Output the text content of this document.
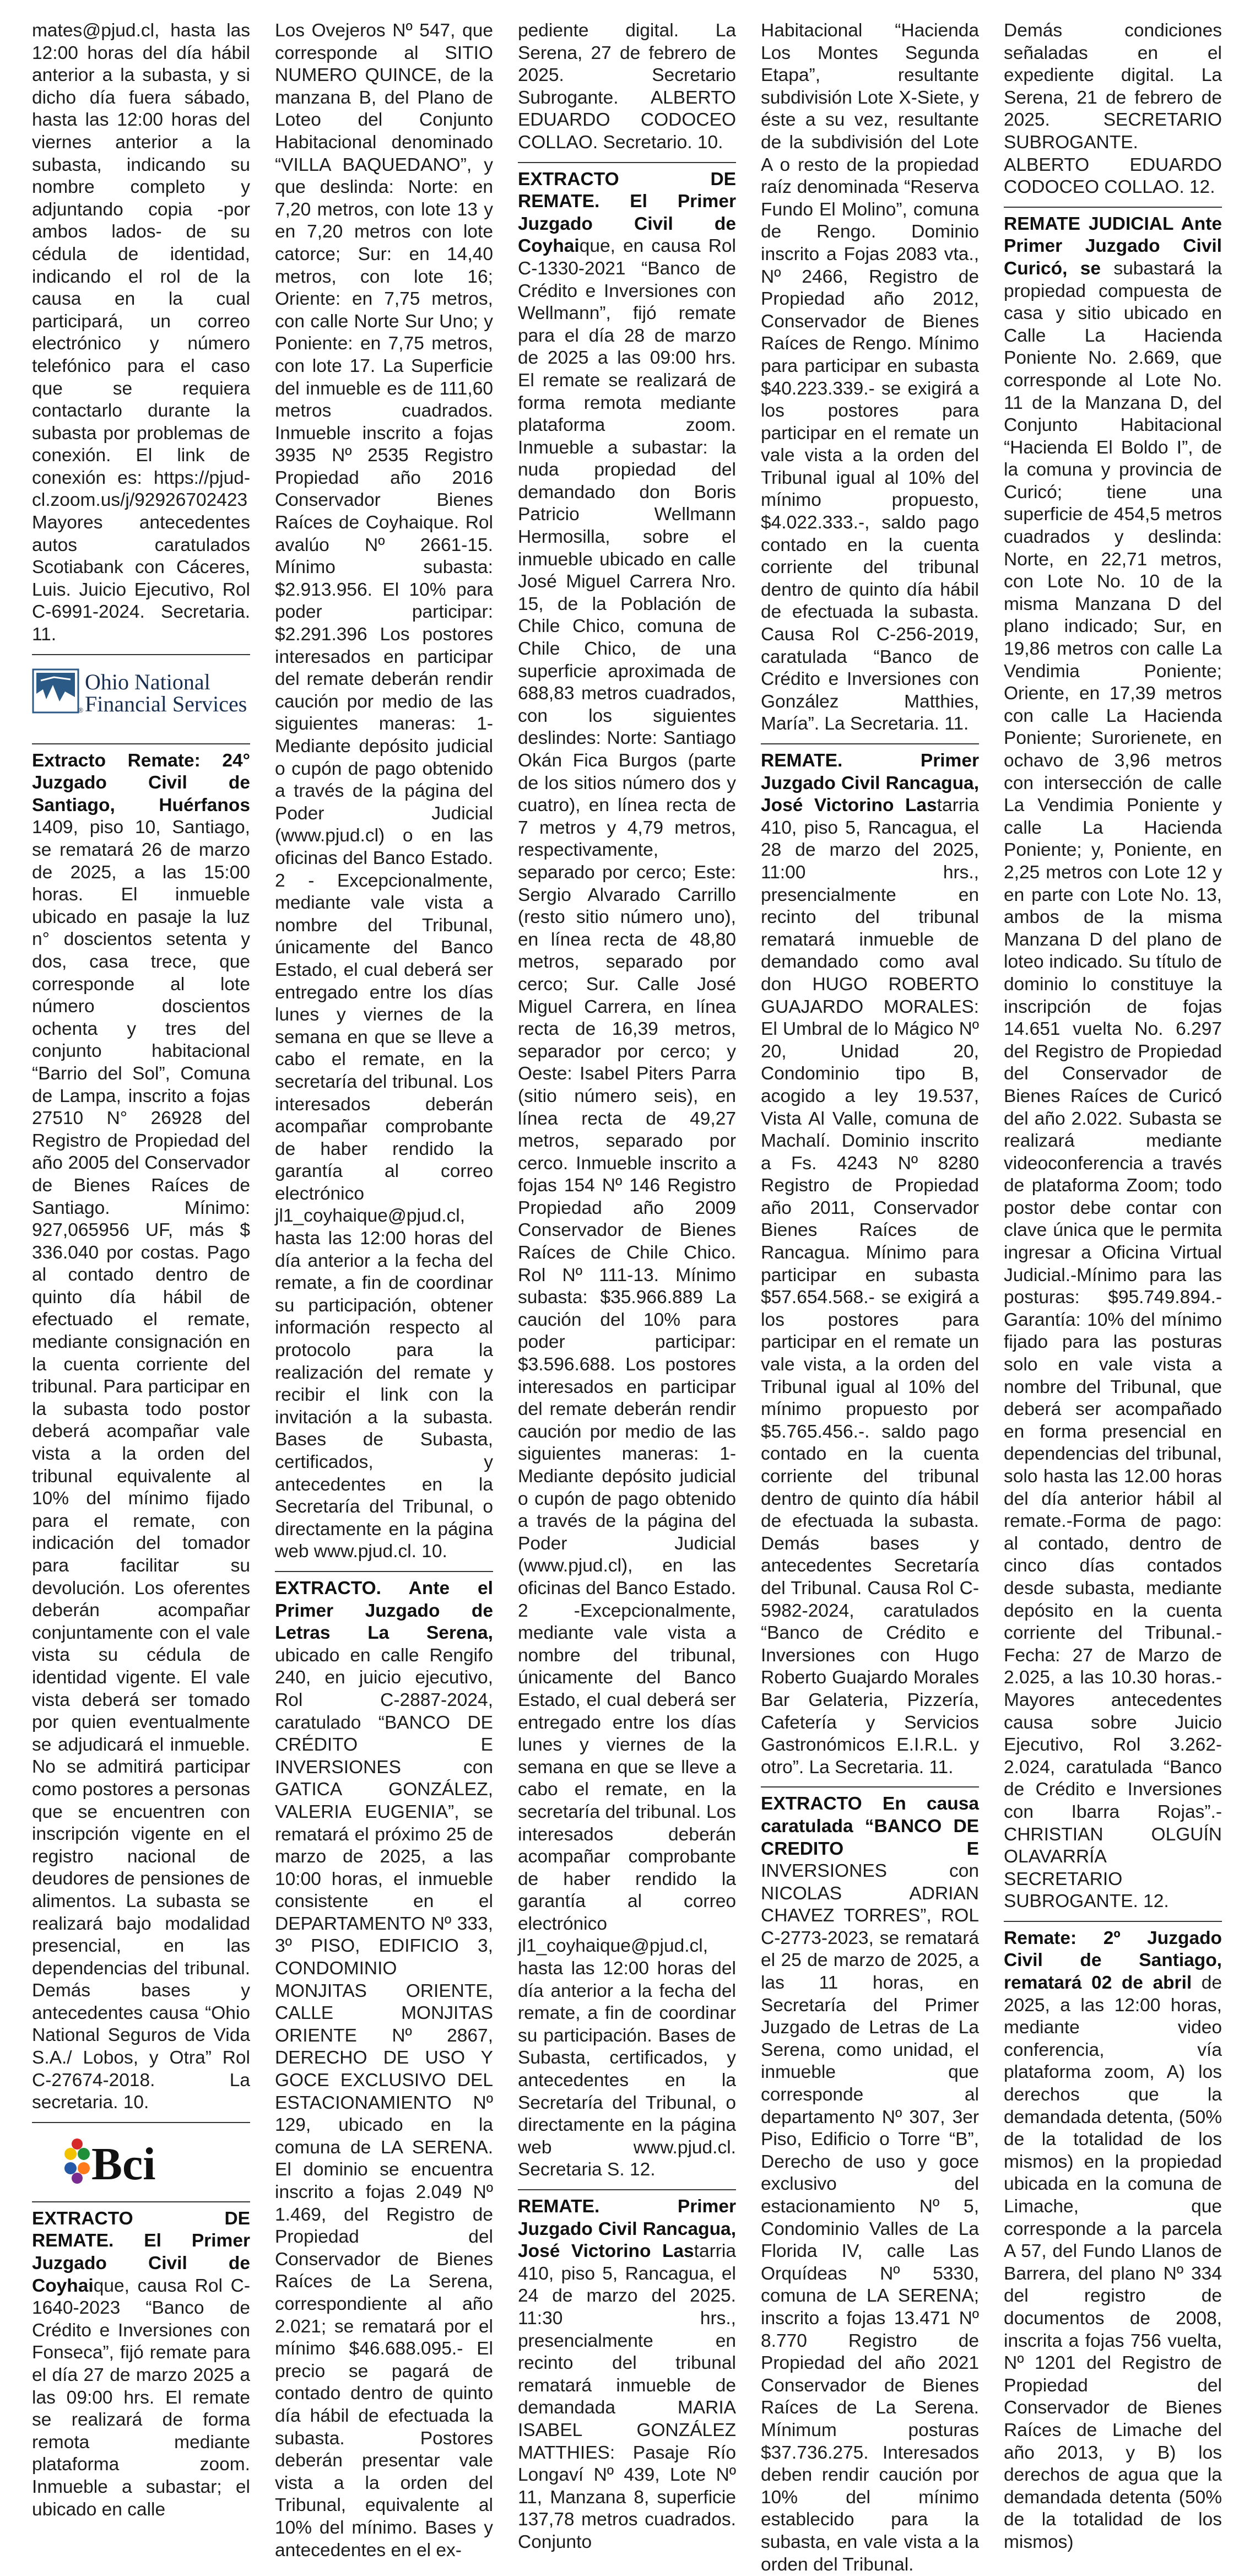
mates@pjud.cl, hasta las 12:00 horas del día hábil anterior a la subasta, y si dicho día fuera sábado, hasta las 12:00 horas del viernes anterior a la subasta, indicando su nombre completo y adjuntando copia -por ambos lados- de su cédula de identidad, indicando el rol de la causa en la cual participará, un correo electrónico y número telefónico para el caso que se requiera contactarlo durante la subasta por problemas de conexión. El link de conexión es: https://pjud-cl.zoom.us/j/92926702423 Mayores antecedentes autos caratulados Scotiabank con Cáceres, Luis. Juicio Ejecutivo, Rol C-6991-2024. Secretaria. 11.

Ohio National
Financial Services
®

Extracto Remate: 24° Juzgado Civil de Santiago, Huérfanos 1409, piso 10, Santiago, se rematará 26 de marzo de 2025, a las 15:00 horas. El inmueble ubicado en pasaje la luz n° doscientos setenta y dos, casa trece, que corresponde al lote número doscientos ochenta y tres del conjunto habitacional “Barrio del Sol”, Comuna de Lampa, inscrito a fojas 27510 N° 26928 del Registro de Propiedad del año 2005 del Conservador de Bienes Raíces de Santiago. Mínimo: 927,065956 UF, más $ 336.040 por costas. Pago al contado dentro de quinto día hábil de efectuado el remate, mediante consignación en la cuenta corriente del tribunal. Para participar en la subasta todo postor deberá acompañar vale vista a la orden del tribunal equivalente al 10% del mínimo fijado para el remate, con indicación del tomador para facilitar su devolución. Los oferentes deberán acompañar conjuntamente con el vale vista su cédula de identidad vigente. El vale vista deberá ser tomado por quien eventualmente se adjudicará el inmueble. No se admitirá participar como postores a personas que se encuentren con inscripción vigente en el registro nacional de deudores de pensiones de alimentos. La subasta se realizará bajo modalidad presencial, en las dependencias del tribunal. Demás bases y antecedentes causa “Ohio National Seguros de Vida S.A./ Lobos, y Otra” Rol C-27674-2018. La secretaria. 10.

Bci

EXTRACTO DE REMATE. El Primer Juzgado Civil de Coyhaique, causa Rol C-1640-2023 “Banco de Crédito e Inversiones con Fonseca”, fijó remate para el día 27 de marzo 2025 a las 09:00 hrs. El remate se realizará de forma remota mediante plataforma zoom. Inmueble a subastar; el ubicado en calle

Los Ovejeros Nº 547, que corresponde al SITIO NUMERO QUINCE, de la manzana B, del Plano de Loteo del Conjunto Habitacional denominado “VILLA BAQUEDANO”, y que deslinda: Norte: en 7,20 metros, con lote 13 y en 7,20 metros con lote catorce; Sur: en 14,40 metros, con lote 16; Oriente: en 7,75 metros, con calle Norte Sur Uno; y Poniente: en 7,75 metros, con lote 17. La Superficie del inmueble es de 111,60 metros cuadrados. Inmueble inscrito a fojas 3935 Nº 2535 Registro Propiedad año 2016 Conservador Bienes Raíces de Coyhaique. Rol avalúo Nº 2661-15. Mínimo subasta: $2.913.956. El 10% para poder participar: $2.291.396 Los postores interesados en participar del remate deberán rendir caución por medio de las siguientes maneras: 1- Mediante depósito judicial o cupón de pago obtenido a través de la página del Poder Judicial (www.pjud.cl) o en las oficinas del Banco Estado. 2 - Excepcionalmente, mediante vale vista a nombre del Tribunal, únicamente del Banco Estado, el cual deberá ser entregado entre los días lunes y viernes de la semana en que se lleve a cabo el remate, en la secretaría del tribunal. Los interesados deberán acompañar comprobante de haber rendido la garantía al correo electrónico jl1_coyhaique@pjud.cl, hasta las 12:00 horas del día anterior a la fecha del remate, a fin de coordinar su participación, obtener información respecto al protocolo para la realización del remate y recibir el link con la invitación a la subasta. Bases de Subasta, certificados, y antecedentes en la Secretaría del Tribunal, o directamente en la página web www.pjud.cl. 10.

EXTRACTO. Ante el Primer Juzgado de Letras La Serena, ubicado en calle Rengifo 240, en juicio ejecutivo, Rol C-2887-2024, caratulado “BANCO DE CRÉDITO E INVERSIONES con GATICA GONZÁLEZ, VALERIA EUGENIA”, se rematará el próximo 25 de marzo de 2025, a las 10:00 horas, el inmueble consistente en el DEPARTAMENTO Nº 333, 3º PISO, EDIFICIO 3, CONDOMINIO MONJITAS ORIENTE, CALLE MONJITAS ORIENTE Nº 2867, DERECHO DE USO Y GOCE EXCLUSIVO DEL ESTACIONAMIENTO Nº 129, ubicado en la comuna de LA SERENA. El dominio se encuentra inscrito a fojas 2.049 Nº 1.469, del Registro de Propiedad del Conservador de Bienes Raíces de La Serena, correspondiente al año 2.021; se rematará por el mínimo $46.688.095.- El precio se pagará de contado dentro de quinto día hábil de efectuada la subasta. Postores deberán presentar vale vista a la orden del Tribunal, equivalente al 10% del mínimo. Bases y antecedentes en el ex-

pediente digital. La Serena, 27 de febrero de 2025. Secretario Subrogante. ALBERTO EDUARDO CODOCEO COLLAO. Secretario. 10.

EXTRACTO DE REMATE. El Primer Juzgado Civil de Coyhaique, en causa Rol C-1330-2021 “Banco de Crédito e Inversiones con Wellmann”, fijó remate para el día 28 de marzo de 2025 a las 09:00 hrs. El remate se realizará de forma remota mediante plataforma zoom. Inmueble a subastar: la nuda propiedad del demandado don Boris Patricio Wellmann Hermosilla, sobre el inmueble ubicado en calle José Miguel Carrera Nro. 15, de la Población de Chile Chico, comuna de Chile Chico, de una superficie aproximada de 688,83 metros cuadrados, con los siguientes deslindes: Norte: Santiago Okán Fica Burgos (parte de los sitios número dos y cuatro), en línea recta de 7 metros y 4,79 metros, respectivamente, separado por cerco; Este: Sergio Alvarado Carrillo (resto sitio número uno), en línea recta de 48,80 metros, separado por cerco; Sur. Calle José Miguel Carrera, en línea recta de 16,39 metros, separador por cerco; y Oeste: Isabel Piters Parra (sitio número seis), en línea recta de 49,27 metros, separado por cerco. Inmueble inscrito a fojas 154 Nº 146 Registro Propiedad año 2009 Conservador de Bienes Raíces de Chile Chico. Rol Nº 111-13. Mínimo subasta: $35.966.889 La caución del 10% para poder participar: $3.596.688. Los postores interesados en participar del remate deberán rendir caución por medio de las siguientes maneras: 1- Mediante depósito judicial o cupón de pago obtenido a través de la página del Poder Judicial (www.pjud.cl), en las oficinas del Banco Estado. 2 -Excepcionalmente, mediante vale vista a nombre del tribunal, únicamente del Banco Estado, el cual deberá ser entregado entre los días lunes y viernes de la semana en que se lleve a cabo el remate, en la secretaría del tribunal. Los interesados deberán acompañar comprobante de haber rendido la garantía al correo electrónico jl1_coyhaique@pjud.cl, hasta las 12:00 horas del día anterior a la fecha del remate, a fin de coordinar su participación. Bases de Subasta, certificados, y antecedentes en la Secretaría del Tribunal, o directamente en la página web www.pjud.cl. Secretaria S. 12.

REMATE. Primer Juzgado Civil Rancagua, José Victorino Lastarria 410, piso 5, Rancagua, el 24 de marzo del 2025. 11:30 hrs., presencialmente en recinto del tribunal rematará inmueble de demandada MARIA ISABEL GONZÁLEZ MATTHIES: Pasaje Río Longaví Nº 439, Lote Nº 11, Manzana 8, superficie 137,78 metros cuadrados. Conjunto

Habitacional “Hacienda Los Montes Segunda Etapa”, resultante subdivisión Lote X-Siete, y éste a su vez, resultante de la subdivisión del Lote A o resto de la propiedad raíz denominada “Reserva Fundo El Molino”, comuna de Rengo. Dominio inscrito a Fojas 2083 vta., Nº 2466, Registro de Propiedad año 2012, Conservador de Bienes Raíces de Rengo. Mínimo para participar en subasta $40.223.339.- se exigirá a los postores para participar en el remate un vale vista a la orden del Tribunal igual al 10% del mínimo propuesto, $4.022.333.-, saldo pago contado en la cuenta corriente del tribunal dentro de quinto día hábil de efectuada la subasta. Causa Rol C-256-2019, caratulada “Banco de Crédito e Inversiones con González Matthies, María”. La Secretaria. 11.

REMATE. Primer Juzgado Civil Rancagua, José Victorino Lastarria 410, piso 5, Rancagua, el 28 de marzo del 2025, 11:00 hrs., presencialmente en recinto del tribunal rematará inmueble de demandado como aval don HUGO ROBERTO GUAJARDO MORALES: El Umbral de lo Mágico Nº 20, Unidad 20, Condominio tipo B, acogido a ley 19.537, Vista Al Valle, comuna de Machalí. Dominio inscrito a Fs. 4243 Nº 8280 Registro de Propiedad año 2011, Conservador Bienes Raíces de Rancagua. Mínimo para participar en subasta $57.654.568.- se exigirá a los postores para participar en el remate un vale vista, a la orden del Tribunal igual al 10% del mínimo propuesto por $5.765.456.-. saldo pago contado en la cuenta corriente del tribunal dentro de quinto día hábil de efectuada la subasta. Demás bases y antecedentes Secretaría del Tribunal. Causa Rol C-5982-2024, caratulados “Banco de Crédito e Inversiones con Hugo Roberto Guajardo Morales Bar Gelateria, Pizzería, Cafetería y Servicios Gastronómicos E.I.R.L. y otro”. La Secretaria. 11.

EXTRACTO En causa caratulada “BANCO DE CREDITO E INVERSIONES con NICOLAS ADRIAN CHAVEZ TORRES”, ROL C-2773-2023, se rematará el 25 de marzo de 2025, a las 11 horas, en Secretaría del Primer Juzgado de Letras de La Serena, como unidad, el inmueble que corresponde al departamento Nº 307, 3er Piso, Edificio o Torre “B”, Derecho de uso y goce exclusivo del estacionamiento Nº 5, Condominio Valles de La Florida IV, calle Las Orquídeas Nº 5330, comuna de LA SERENA; inscrito a fojas 13.471 Nº 8.770 Registro de Propiedad del año 2021 Conservador de Bienes Raíces de La Serena. Mínimum posturas $37.736.275. Interesados deben rendir caución por 10% del mínimo establecido para la subasta, en vale vista a la orden del Tribunal.

Demás condiciones señaladas en el expediente digital. La Serena, 21 de febrero de 2025. SECRETARIO SUBROGANTE. ALBERTO EDUARDO CODOCEO COLLAO. 12.

REMATE JUDICIAL Ante Primer Juzgado Civil Curicó, se subastará la propiedad compuesta de casa y sitio ubicado en Calle La Hacienda Poniente No. 2.669, que corresponde al Lote No. 11 de la Manzana D, del Conjunto Habitacional “Hacienda El Boldo I”, de la comuna y provincia de Curicó; tiene una superficie de 454,5 metros cuadrados y deslinda: Norte, en 22,71 metros, con Lote No. 10 de la misma Manzana D del plano indicado; Sur, en 19,86 metros con calle La Vendimia Poniente; Oriente, en 17,39 metros con calle La Hacienda Poniente; Surorienete, en ochavo de 3,96 metros con intersección de calle La Vendimia Poniente y calle La Hacienda Poniente; y, Poniente, en 2,25 metros con Lote 12 y en parte con Lote No. 13, ambos de la misma Manzana D del plano de loteo indicado. Su título de dominio lo constituye la inscripción de fojas 14.651 vuelta No. 6.297 del Registro de Propiedad del Conservador de Bienes Raíces de Curicó del año 2.022. Subasta se realizará mediante videoconferencia a través de plataforma Zoom; todo postor debe contar con clave única que le permita ingresar a Oficina Virtual Judicial.-Mínimo para las posturas: $95.749.894.- Garantía: 10% del mínimo fijado para las posturas solo en vale vista a nombre del Tribunal, que deberá ser acompañado en forma presencial en dependencias del tribunal, solo hasta las 12.00 horas del día anterior hábil al remate.-Forma de pago: al contado, dentro de cinco días contados desde subasta, mediante depósito en la cuenta corriente del Tribunal.- Fecha: 27 de Marzo de 2.025, a las 10.30 horas.- Mayores antecedentes causa sobre Juicio Ejecutivo, Rol 3.262-2.024, caratulada “Banco de Crédito e Inversiones con Ibarra Rojas”.- CHRISTIAN OLGUÍN OLAVARRÍA SECRETARIO SUBROGANTE. 12.

Remate: 2º Juzgado Civil de Santiago, rematará 02 de abril de 2025, a las 12:00 horas, mediante video conferencia, vía plataforma zoom, A) los derechos que la demandada detenta, (50% de la totalidad de los mismos) en la propiedad ubicada en la comuna de Limache, que corresponde a la parcela A 57, del Fundo Llanos de Barrera, del plano Nº 334 del registro de documentos de 2008, inscrita a fojas 756 vuelta, Nº 1201 del Registro de Propiedad del Conservador de Bienes Raíces de Limache del año 2013, y B) los derechos de agua que la demandada detenta (50% de la totalidad de los mismos)
